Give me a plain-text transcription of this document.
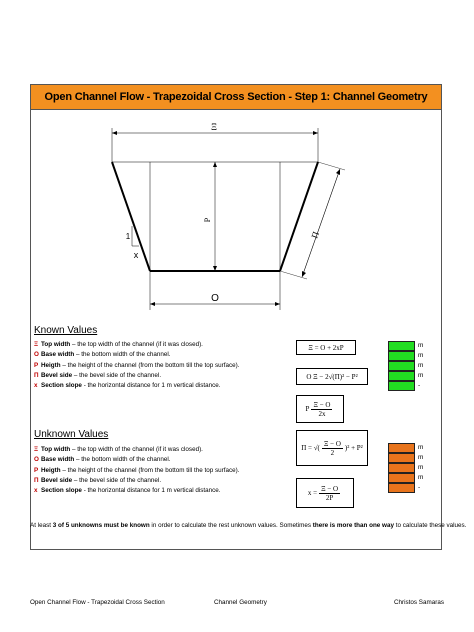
Open Channel Flow - Trapezoidal Cross Section - Step 1: Channel Geometry
Ξ
P
O
Π
1
x
Known Values
Ξ Top width – the top width of the channel (if it was closed).
O Base width – the bottom width of the channel.
P Heigth – the height of the channel (from the bottom till the top surface).
Π Bevel side – the bevel side of the channel.
x Section slope - the horizontal distance for 1 m vertical distance.
Ξ = O + 2xP
O Ξ − 2√(Π)² − P²
P $\frac{\Xi - O}{2x}$
m
m
m
m
-
Unknown Values
Ξ Top width – the top width of the channel (if it was closed).
O Base width – the bottom width of the channel.
P Heigth – the height of the channel (from the bottom till the top surface).
Π Bevel side – the bevel side of the channel.
x Section slope - the horizontal distance for 1 m vertical distance.
Π = √( $\frac{\Xi - O}{2} )^2 + P^2$
$x = \frac{\Xi - O}{2P}$
m
m
m
m
-
At least 3 of 5 unknowns must be known in order to calculate the rest unknown values. Sometimes there is more than one way to calculate these values.
Open Channel Flow - Trapezoidal Cross Section	Channel Geometry	Christos Samaras
